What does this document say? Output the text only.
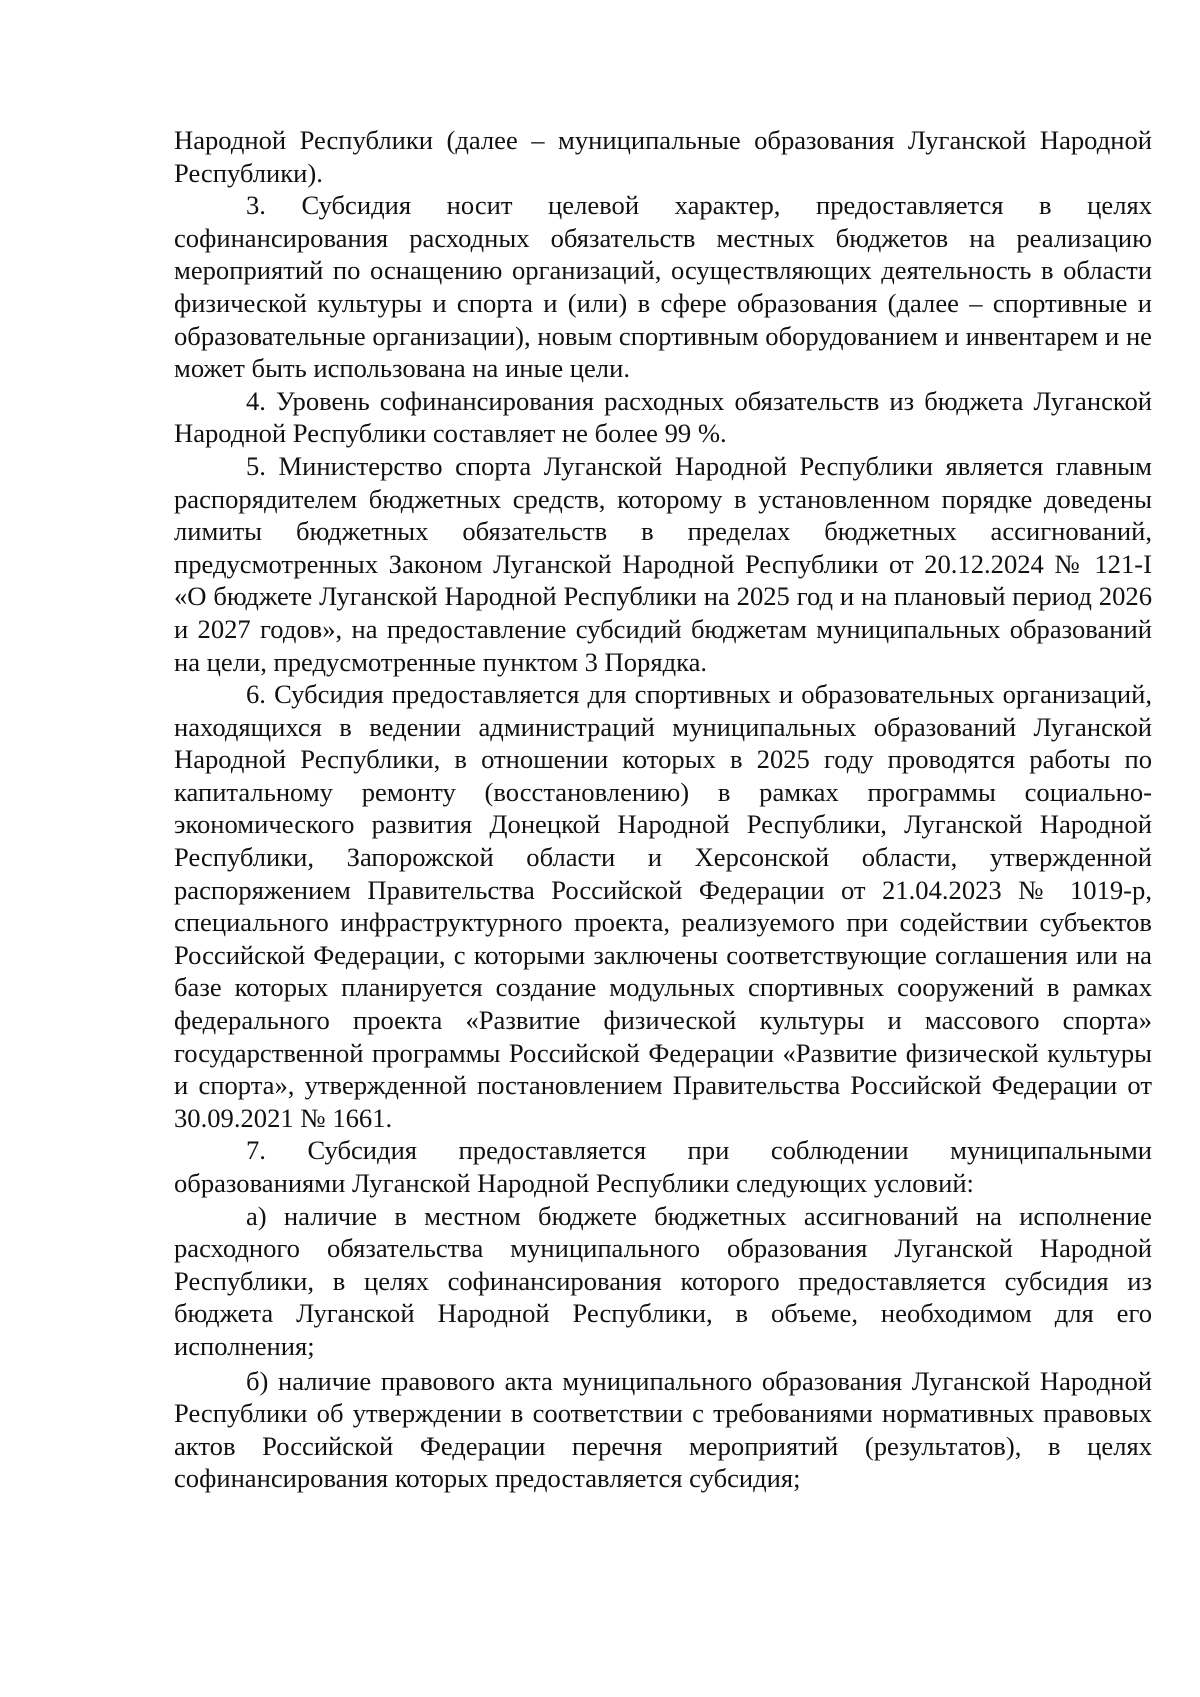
Народной Республики (далее – муниципальные образования Луганской Народной Республики).

3. Субсидия носит целевой характер, предоставляется в целях софинансирования расходных обязательств местных бюджетов на реализацию мероприятий по оснащению организаций, осуществляющих деятельность в области физической культуры и спорта и (или) в сфере образования (далее – спортивные и образовательные организации), новым спортивным оборудованием и инвентарем и не может быть использована на иные цели.

4. Уровень софинансирования расходных обязательств из бюджета Луганской Народной Республики составляет не более 99 %.

5. Министерство спорта Луганской Народной Республики является главным распорядителем бюджетных средств, которому в установленном порядке доведены лимиты бюджетных обязательств в пределах бюджетных ассигнований, предусмотренных Законом Луганской Народной Республики от 20.12.2024 № 121-I «О бюджете Луганской Народной Республики на 2025 год и на плановый период 2026 и 2027 годов», на предоставление субсидий бюджетам муниципальных образований на цели, предусмотренные пунктом 3 Порядка.

6. Субсидия предоставляется для спортивных и образовательных организаций, находящихся в ведении администраций муниципальных образований Луганской Народной Республики, в отношении которых в 2025 году проводятся работы по капитальному ремонту (восстановлению) в рамках программы социально-экономического развития Донецкой Народной Республики, Луганской Народной Республики, Запорожской области и Херсонской области, утвержденной распоряжением Правительства Российской Федерации от 21.04.2023 № 1019-р, специального инфраструктурного проекта, реализуемого при содействии субъектов Российской Федерации, с которыми заключены соответствующие соглашения или на базе которых планируется создание модульных спортивных сооружений в рамках федерального проекта «Развитие физической культуры и массового спорта» государственной программы Российской Федерации «Развитие физической культуры и спорта», утвержденной постановлением Правительства Российской Федерации от 30.09.2021 № 1661.

7. Субсидия предоставляется при соблюдении муниципальными образованиями Луганской Народной Республики следующих условий:

а) наличие в местном бюджете бюджетных ассигнований на исполнение расходного обязательства муниципального образования Луганской Народной Республики, в целях софинансирования которого предоставляется субсидия из бюджета Луганской Народной Республики, в объеме, необходимом для его исполнения;

б) наличие правового акта муниципального образования Луганской Народной Республики об утверждении в соответствии с требованиями нормативных правовых актов Российской Федерации перечня мероприятий (результатов), в целях софинансирования которых предоставляется субсидия;
